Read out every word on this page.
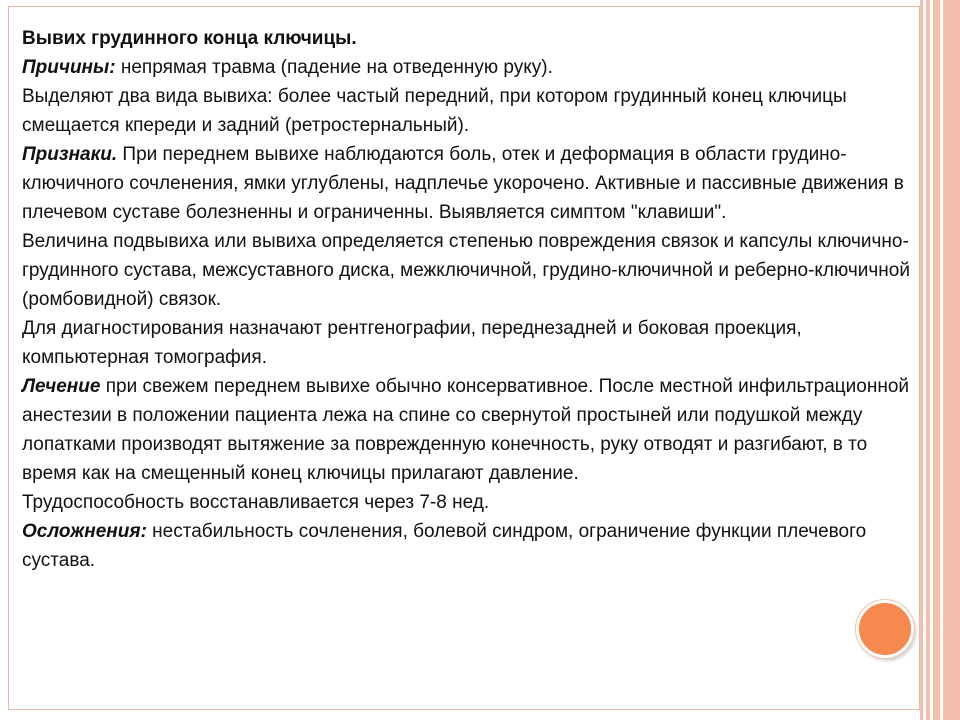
Вывих грудинного конца ключицы.

Причины: непрямая травма (падение на отведенную руку).

Выделяют два вида вывиха: более частый передний, при котором грудинный конец ключицы смещается кпереди и задний (ретростернальный).

Признаки. При переднем вывихе наблюдаются боль, отек и деформация в области грудино-ключичного сочленения, ямки углублены, надплечье укорочено. Активные и пассивные движения в плечевом суставе болезненны и ограниченны. Выявляется симптом "клавиши".

Величина подвывиха или вывиха определяется степенью повреждения связок и капсулы ключично-грудинного сустава, межсуставного диска, межключичной, грудино-ключичной и реберно-ключичной (ромбовидной) связок.

Для диагностирования назначают рентгенографии, переднезадней и боковая проекция, компьютерная томография.

Лечение при свежем переднем вывихе обычно консервативное. После местной инфильтрационной анестезии в положении пациента лежа на спине со свернутой простыней или подушкой между лопатками производят вытяжение за поврежденную конечность, руку отводят и разгибают, в то время как на смещенный конец ключицы прилагают давление.

Трудоспособность восстанавливается через 7-8 нед.

Осложнения: нестабильность сочленения, болевой синдром, ограничение функции плечевого сустава.
